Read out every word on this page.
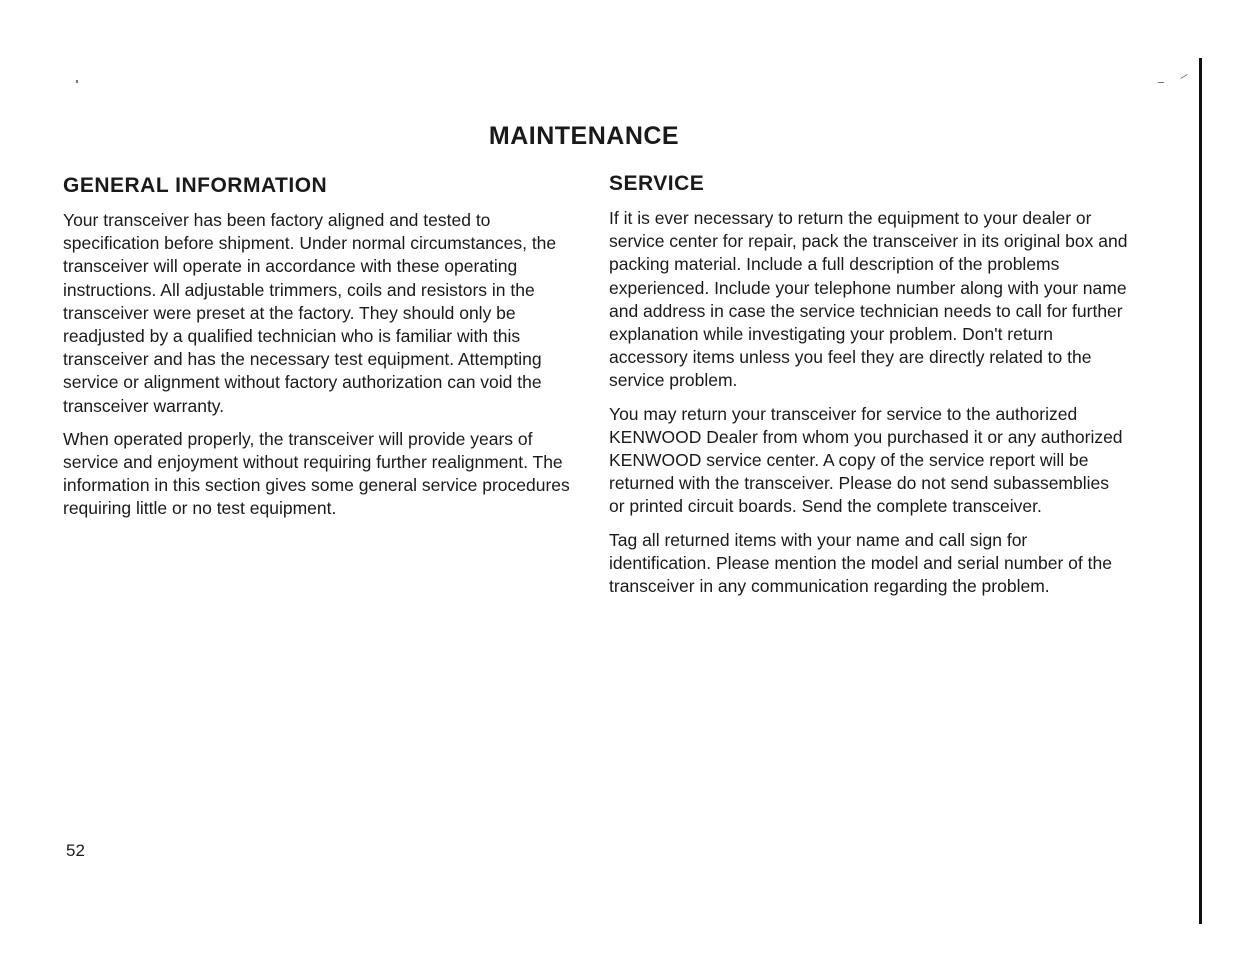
MAINTENANCE
GENERAL INFORMATION

Your transceiver has been factory aligned and tested to specification before shipment. Under normal circumstances, the transceiver will operate in accordance with these operating instructions. All adjustable trimmers, coils and resistors in the transceiver were preset at the factory. They should only be readjusted by a qualified technician who is familiar with this transceiver and has the necessary test equipment. Attempting service or alignment without factory authorization can void the transceiver warranty.

When operated properly, the transceiver will provide years of service and enjoyment without requiring further realignment. The information in this section gives some general service procedures requiring little or no test equipment.

SERVICE

If it is ever necessary to return the equipment to your dealer or service center for repair, pack the transceiver in its original box and packing material. Include a full description of the problems experienced. Include your telephone number along with your name and address in case the service technician needs to call for further explanation while investigating your problem. Don't return accessory items unless you feel they are directly related to the service problem.

You may return your transceiver for service to the authorized KENWOOD Dealer from whom you purchased it or any authorized KENWOOD service center. A copy of the service report will be returned with the transceiver. Please do not send subassemblies or printed circuit boards. Send the complete transceiver.

Tag all returned items with your name and call sign for identification. Please mention the model and serial number of the transceiver in any communication regarding the problem.

52
